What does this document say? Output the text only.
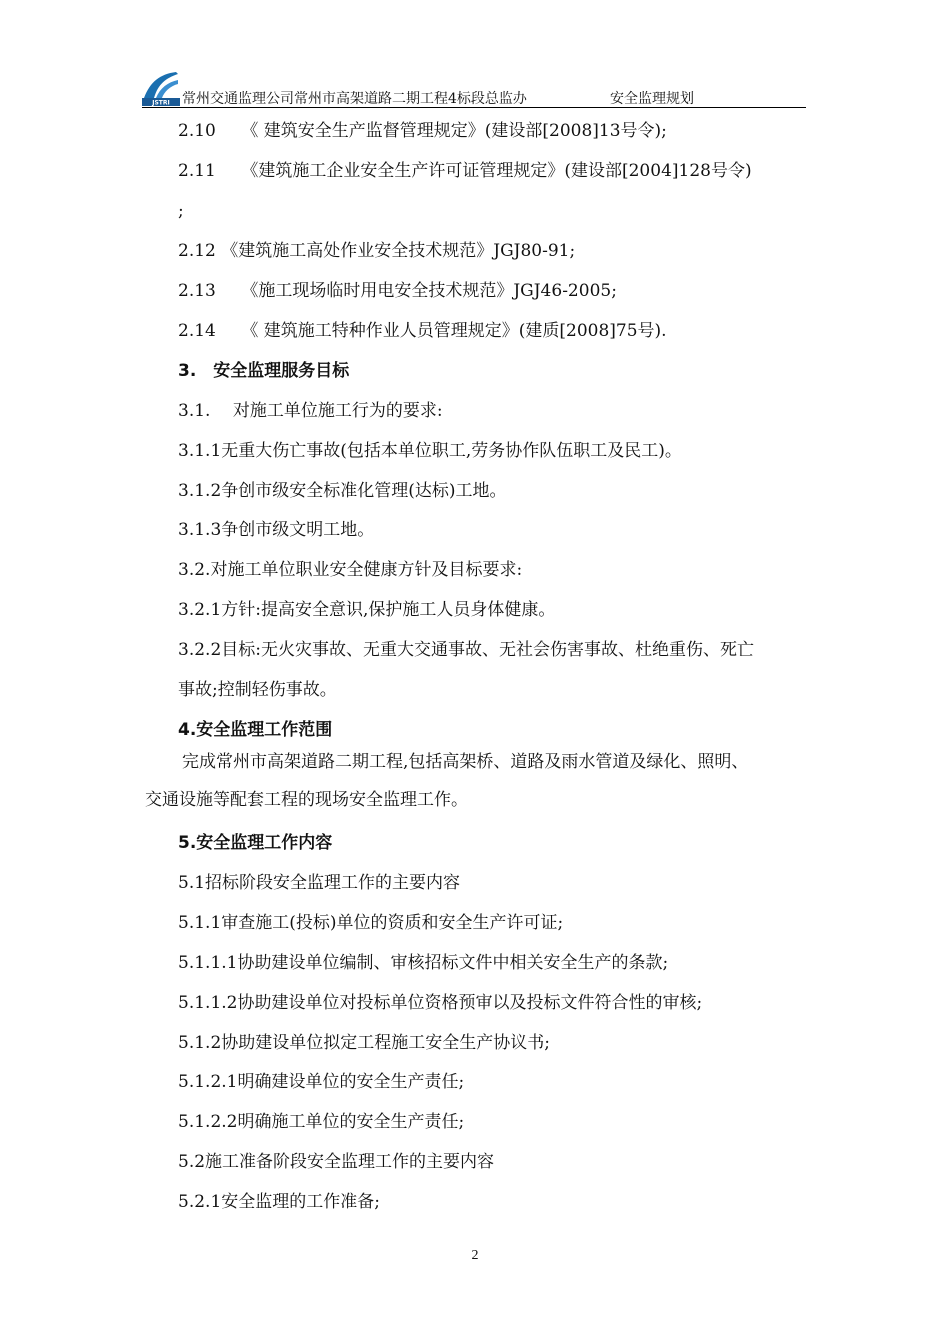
JSTRI 常州交通监理公司常州市高架道路二期工程4标段总监办	安全监理规划
2.10　　《 建筑安全生产监督管理规定》(建设部[2008]13号令);
2.11　　《建筑施工企业安全生产许可证管理规定》(建设部[2004]128号令)
;
2.12 《建筑施工高处作业安全技术规范》JGJ80-91;
2.13　　《施工现场临时用电安全技术规范》JGJ46-2005;
2.14　　《 建筑施工特种作业人员管理规定》(建质[2008]75号).
3.　安全监理服务目标
3.1.　 对施工单位施工行为的要求:
3.1.1无重大伤亡事故(包括本单位职工,劳务协作队伍职工及民工)。
3.1.2争创市级安全标准化管理(达标)工地。
3.1.3争创市级文明工地。
3.2.对施工单位职业安全健康方针及目标要求:
3.2.1方针:提高安全意识,保护施工人员身体健康。
3.2.2目标:无火灾事故、无重大交通事故、无社会伤害事故、杜绝重伤、死亡
事故;控制轻伤事故。
4.安全监理工作范围
完成常州市高架道路二期工程,包括高架桥、道路及雨水管道及绿化、照明、
交通设施等配套工程的现场安全监理工作。
5.安全监理工作内容
5.1招标阶段安全监理工作的主要内容
5.1.1审查施工(投标)单位的资质和安全生产许可证;
5.1.1.1协助建设单位编制、审核招标文件中相关安全生产的条款;
5.1.1.2协助建设单位对投标单位资格预审以及投标文件符合性的审核;
5.1.2协助建设单位拟定工程施工安全生产协议书;
5.1.2.1明确建设单位的安全生产责任;
5.1.2.2明确施工单位的安全生产责任;
5.2施工准备阶段安全监理工作的主要内容
5.2.1安全监理的工作准备;
2
